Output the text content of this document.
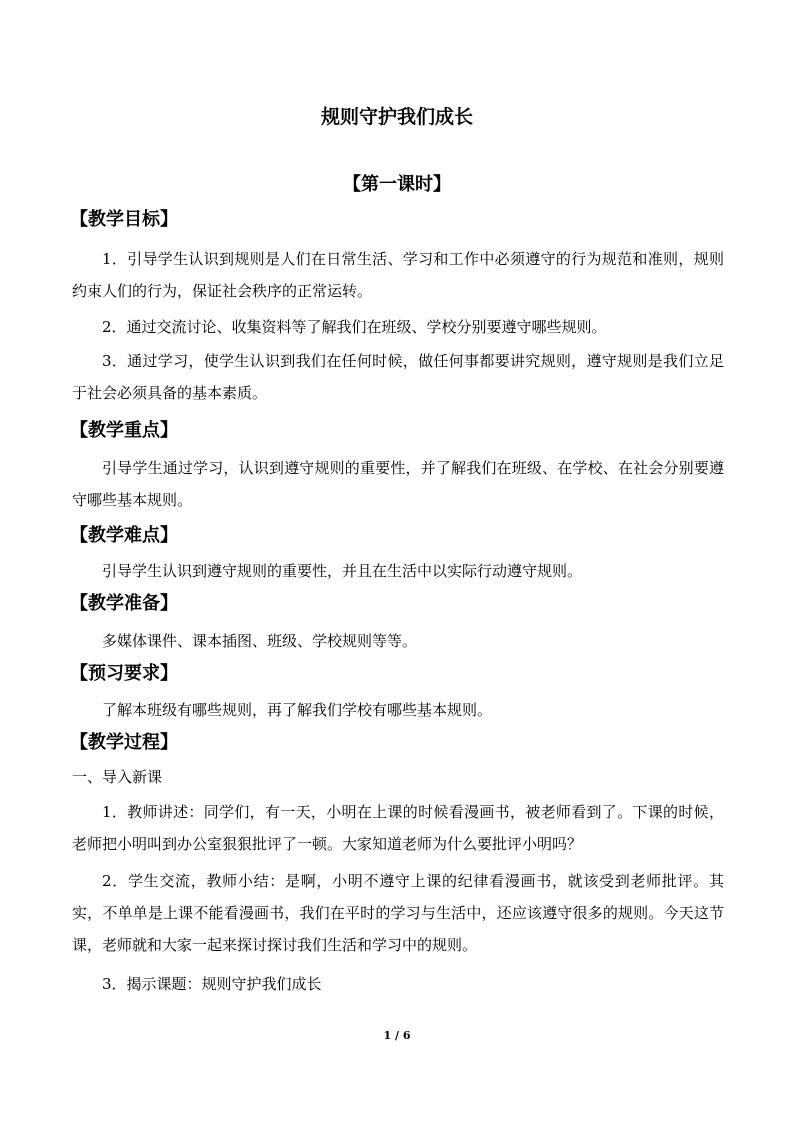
规则守护我们成长
【第一课时】
【教学目标】
1．引导学生认识到规则是人们在日常生活、学习和工作中必须遵守的行为规范和准则，规则约束人们的行为，保证社会秩序的正常运转。
2．通过交流讨论、收集资料等了解我们在班级、学校分别要遵守哪些规则。
3．通过学习，使学生认识到我们在任何时候，做任何事都要讲究规则，遵守规则是我们立足于社会必须具备的基本素质。
【教学重点】
引导学生通过学习，认识到遵守规则的重要性，并了解我们在班级、在学校、在社会分别要遵守哪些基本规则。
【教学难点】
引导学生认识到遵守规则的重要性，并且在生活中以实际行动遵守规则。
【教学准备】
多媒体课件、课本插图、班级、学校规则等等。
【预习要求】
了解本班级有哪些规则，再了解我们学校有哪些基本规则。
【教学过程】
一、导入新课
1．教师讲述：同学们，有一天，小明在上课的时候看漫画书，被老师看到了。下课的时候，老师把小明叫到办公室狠狠批评了一顿。大家知道老师为什么要批评小明吗？
2．学生交流，教师小结：是啊，小明不遵守上课的纪律看漫画书，就该受到老师批评。其实，不单单是上课不能看漫画书，我们在平时的学习与生活中，还应该遵守很多的规则。今天这节课，老师就和大家一起来探讨探讨我们生活和学习中的规则。
3．揭示课题：规则守护我们成长
1 / 6
